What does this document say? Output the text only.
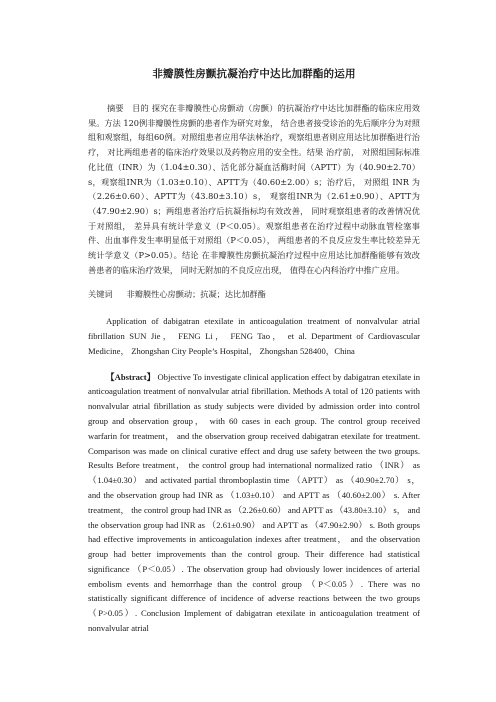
非瓣膜性房颤抗凝治疗中达比加群酯的运用

摘要　目的 探究在非瓣膜性心房颤动（房颤）的抗凝治疗中达比加群酯的临床应用效果。方法 120例非瓣膜性房颤的患者作为研究对象， 结合患者接受诊治的先后顺序分为对照组和观察组，每组60例。对照组患者应用华法林治疗，观察组患者则应用达比加群酯进行治疗， 对比两组患者的临床治疗效果以及药物应用的安全性。结果 治疗前， 对照组国际标准化比值（INR）为（1.04±0.30）、活化部分凝血活酶时间（APTT）为（40.90±2.70）s，观察组INR为（1.03±0.10）、APTT为（40.60±2.00）s；治疗后， 对照组 INR 为（2.26±0.60）、APTT为（43.80±3.10）s， 观察组INR为（2.61±0.90）、APTT为（47.90±2.90）s；两组患者治疗后抗凝指标均有效改善， 同时观察组患者的改善情况优于对照组， 差异具有统计学意义（P＜0.05）。观察组患者在治疗过程中动脉血管栓塞事件、出血事件发生率明显低于对照组（P＜0.05）， 两组患者的不良反应发生率比较差异无统计学意义（P>0.05）。结论 在非瓣膜性房颤抗凝治疗过程中应用达比加群酯能够有效改善患者的临床治疗效果， 同时无附加的不良反应出现， 值得在心内科治疗中推广应用。

关键词 非瓣膜性心房颤动；抗凝；达比加群酯

Application of dabigatran etexilate in anticoagulation treatment of nonvalvular atrial fibrillation SUN Jie， FENG Li， FENG Tao， et al. Department of Cardiovascular Medicine， Zhongshan City People’s Hospital， Zhongshan 528400，China

【Abstract】 Objective To investigate clinical application effect by dabigatran etexilate in anticoagulation treatment of nonvalvular atrial fibrillation. Methods A total of 120 patients with nonvalvular atrial fibrillation as study subjects were divided by admission order into control group and observation group， with 60 cases in each group. The control group received warfarin for treatment， and the observation group received dabigatran etexilate for treatment. Comparison was made on clinical curative effect and drug use safety between the two groups. Results Before treatment， the control group had international normalized ratio （INR） as （1.04±0.30） and activated partial thromboplastin time （APTT） as （40.90±2.70） s， and the observation group had INR as （1.03±0.10） and APTT as （40.60±2.00） s. After treatment， the control group had INR as （2.26±0.60） and APTT as （43.80±3.10） s， and the observation group had INR as （2.61±0.90） and APTT as （47.90±2.90） s. Both groups had effective improvements in anticoagulation indexes after treatment， and the observation group had better improvements than the control group. Their difference had statistical significance （P＜0.05）. The observation group had obviously lower incidences of arterial embolism events and hemorrhage than the control group （P＜0.05）. There was no statistically significant difference of incidence of adverse reactions between the two groups （P>0.05）. Conclusion Implement of dabigatran etexilate in anticoagulation treatment of nonvalvular atrial
